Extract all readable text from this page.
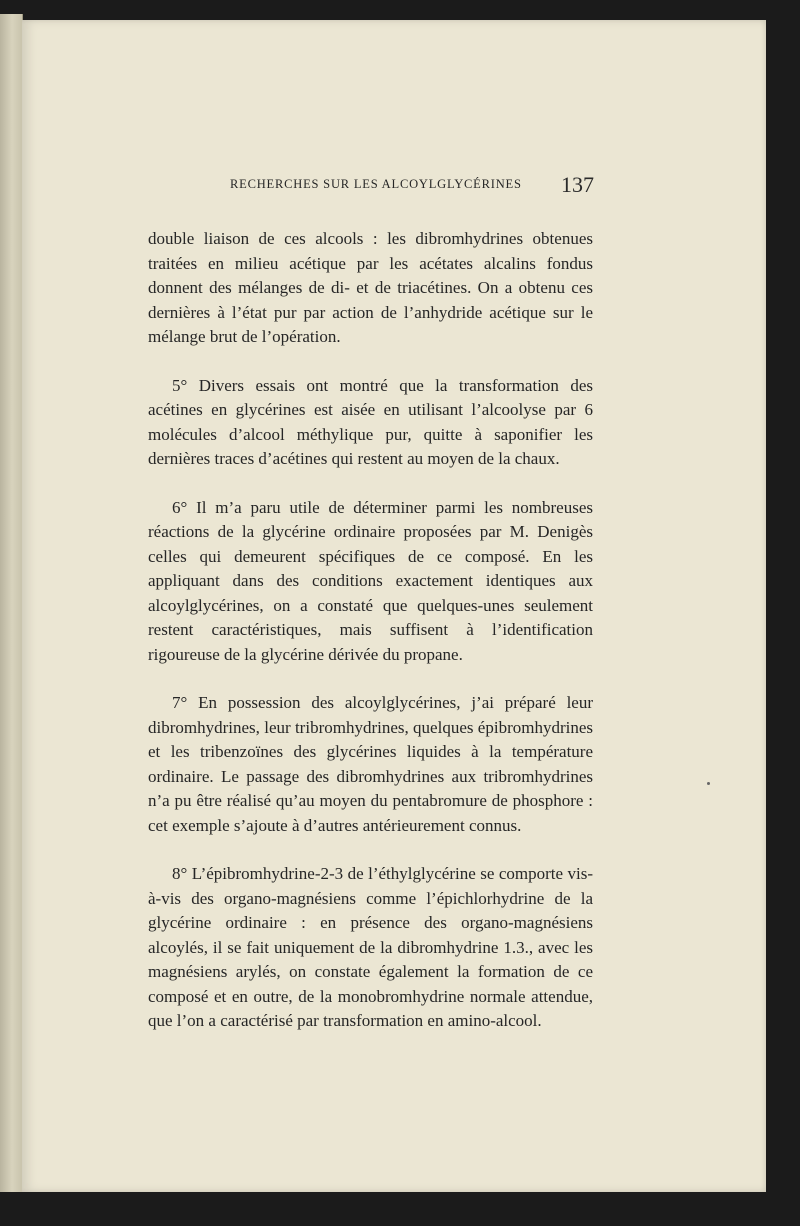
RECHERCHES SUR LES ALCOYLGLYCÉRINES 137

double liaison de ces alcools : les dibromhydrines obtenues traitées en milieu acétique par les acétates alcalins fondus donnent des mélanges de di- et de triacétines. On a obtenu ces dernières à l’état pur par action de l’anhydride acétique sur le mélange brut de l’opération.

5° Divers essais ont montré que la transformation des acétines en glycérines est aisée en utilisant l’alcoolyse par 6 molécules d’alcool méthylique pur, quitte à saponifier les dernières traces d’acétines qui restent au moyen de la chaux.

6° Il m’a paru utile de déterminer parmi les nombreuses réactions de la glycérine ordinaire proposées par M. Denigès celles qui demeurent spécifiques de ce composé. En les appliquant dans des conditions exactement identiques aux alcoylglycérines, on a constaté que quelques-unes seulement restent caractéristiques, mais suffisent à l’identification rigoureuse de la glycérine dérivée du propane.

7° En possession des alcoylglycérines, j’ai préparé leur dibromhydrines, leur tribromhydrines, quelques épibromhydrines et les tribenzoïnes des glycérines liquides à la température ordinaire. Le passage des dibromhydrines aux tribromhydrines n’a pu être réalisé qu’au moyen du pentabromure de phosphore : cet exemple s’ajoute à d’autres antérieurement connus.

8° L’épibromhydrine-2-3 de l’éthylglycérine se comporte vis-à-vis des organo-magnésiens comme l’épichlorhydrine de la glycérine ordinaire : en présence des organo-magnésiens alcoylés, il se fait uniquement de la dibromhydrine 1.3., avec les magnésiens arylés, on constate également la formation de ce composé et en outre, de la monobromhydrine normale attendue, que l’on a caractérisé par transformation en amino-alcool.
